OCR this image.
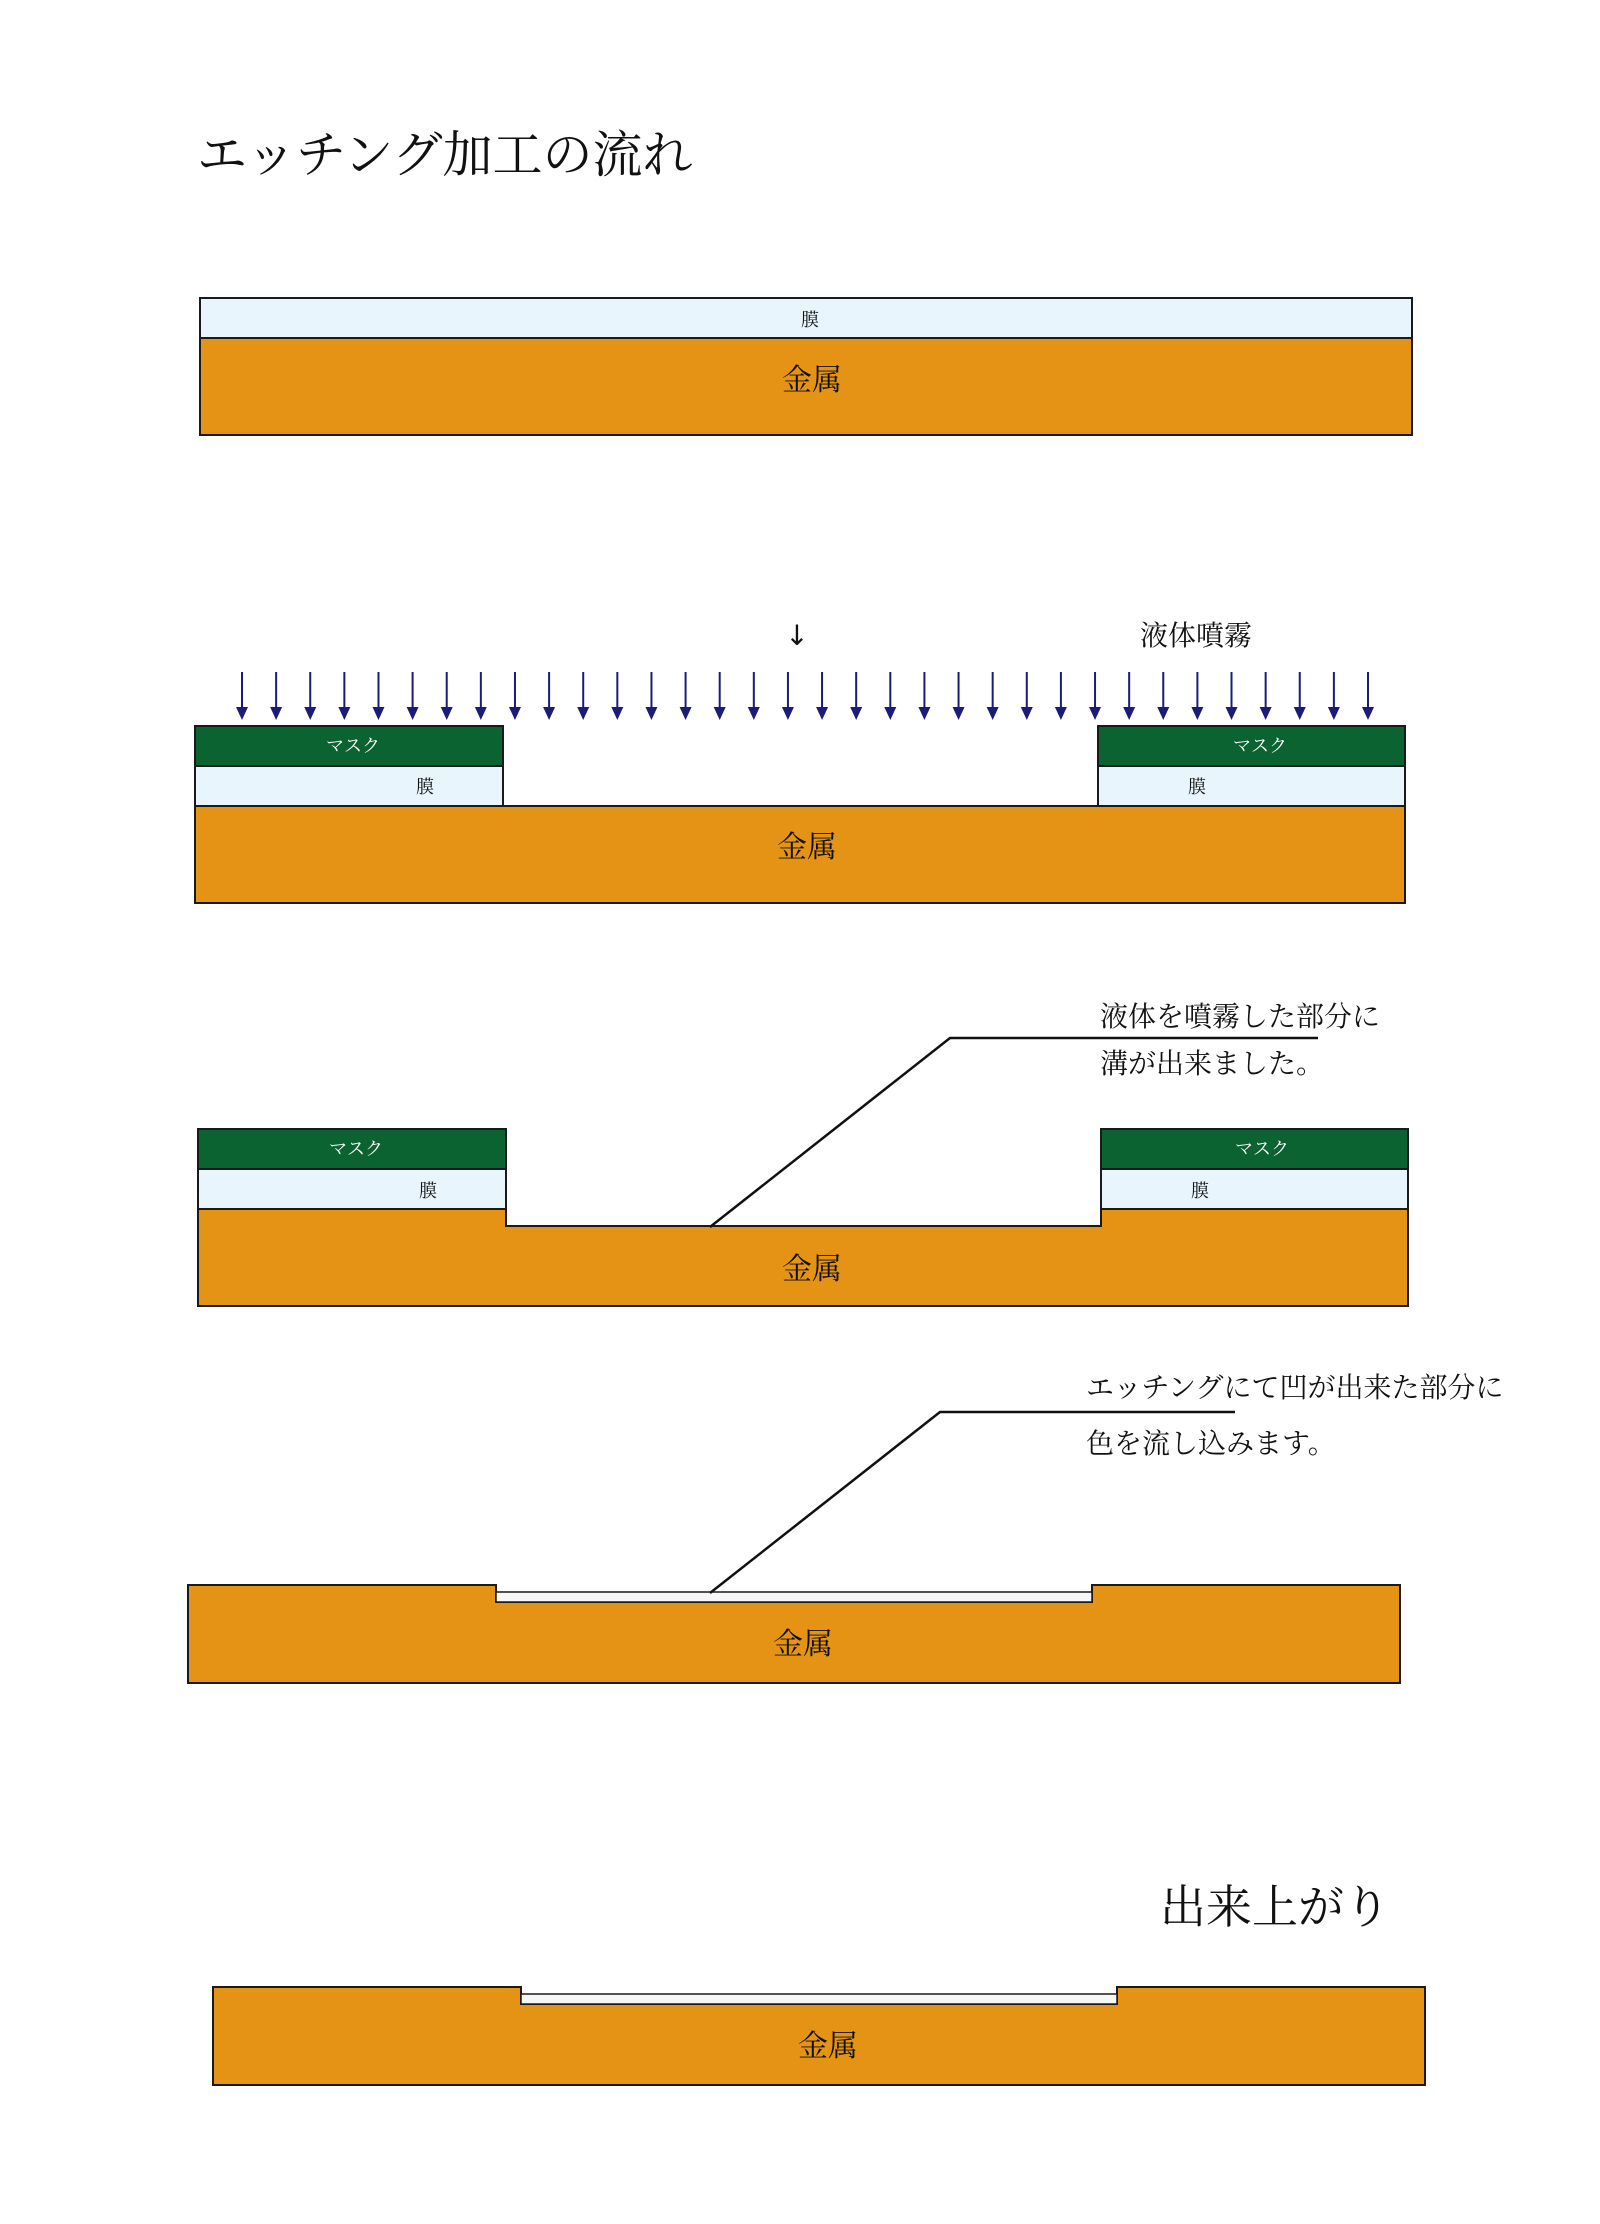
エッチング加工の流れ
膜
金属
↓	液体噴霧
マスク	マスク
膜	膜
金属
マスク	マスク
膜	膜
金属
液体を噴霧した部分に
溝が出来ました。
金属
エッチングにて凹が出来た部分に
色を流し込みます。
出来上がり
金属
